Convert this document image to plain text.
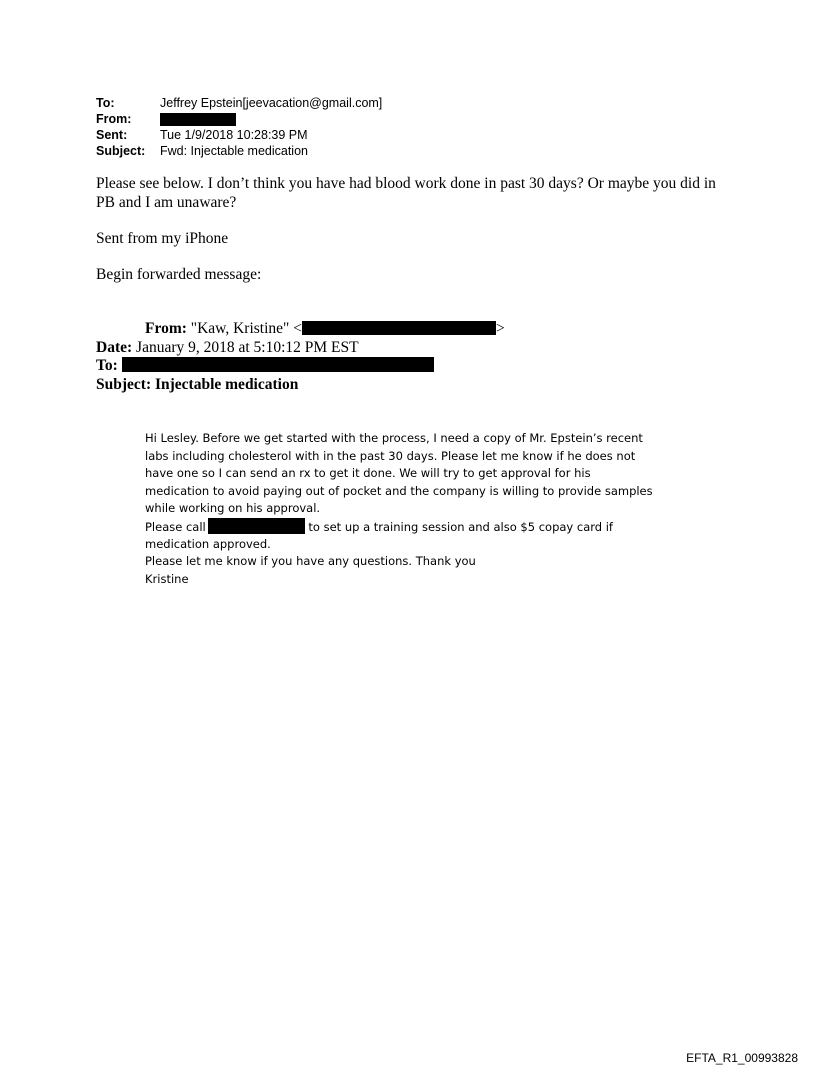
To:	Jeffrey Epstein[jeevacation@gmail.com]
From:
Sent:	Tue 1/9/2018 10:28:39 PM
Subject:	Fwd: Injectable medication
Please see below. I don’t think you have had blood work done in past 30 days? Or maybe you did in PB and I am unaware?
Sent from my iPhone
Begin forwarded message:
From: "Kaw, Kristine" <	>
Date: January 9, 2018 at 5:10:12 PM EST
To:
Subject: Injectable medication
Hi Lesley. Before we get started with the process, I need a copy of Mr. Epstein’s recent
labs including cholesterol with in the past 30 days. Please let me know if he does not
have one so I can send an rx to get it done. We will try to get approval for his
medication to avoid paying out of pocket and the company is willing to provide samples
while working on his approval.
Please call	to set up a training session and also $5 copay card if
medication approved.
Please let me know if you have any questions. Thank you
Kristine
EFTA_R1_00993828
